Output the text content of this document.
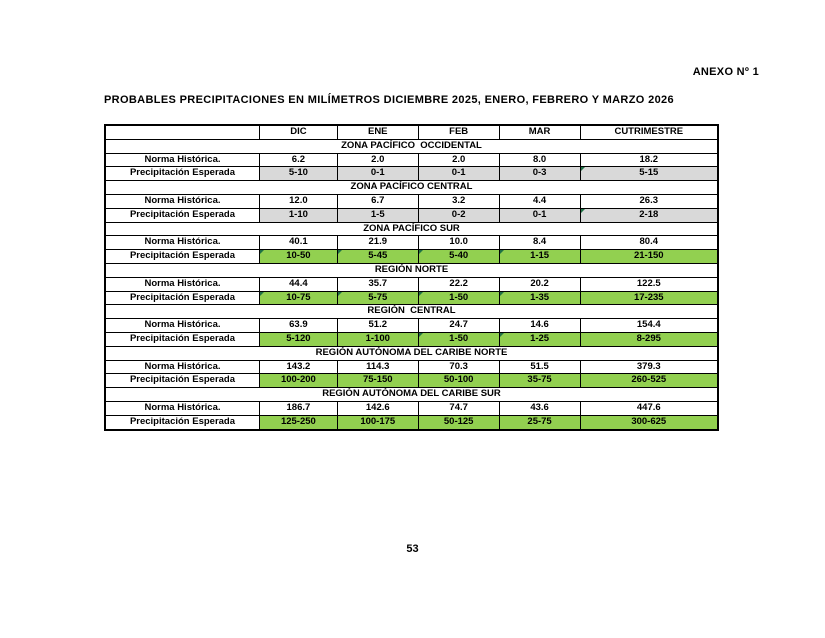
ANEXO Nº 1
PROBABLES PRECIPITACIONES EN MILÍMETROS DICIEMBRE 2025, ENERO, FEBRERO Y MARZO 2026
	DIC	ENE	FEB	MAR	CUTRIMESTRE
ZONA PACÍFICO  OCCIDENTAL					
Norma Histórica.	6.2	2.0	2.0	8.0	18.2
Precipitación Esperada	5-10	0-1	0-1	0-3	5-15

ZONA PACÍFICO CENTRAL					
Norma Histórica.	12.0	6.7	3.2	4.4	26.3
Precipitación Esperada	1-10	1-5	0-2	0-1	2-18

ZONA PACÍFICO SUR					
Norma Histórica.	40.1	21.9	10.0	8.4	80.4
Precipitación Esperada	10-50	5-45	5-40	1-15	21-150
REGIÓN NORTE					
Norma Histórica.	44.4	35.7	22.2	20.2	122.5
Precipitación Esperada	10-75	5-75	1-50	1-35	17-235
REGIÓN  CENTRAL					
Norma Histórica.	63.9	51.2	24.7	14.6	154.4
Precipitación Esperada	5-120	1-100	1-50	1-25	8-295
REGIÓN AUTÓNOMA DEL CARIBE NORTE					
Norma Histórica.	143.2	114.3	70.3	51.5	379.3
Precipitación Esperada	100-200	75-150	50-100	35-75	260-525
REGIÓN AUTÓNOMA DEL CARIBE SUR					
Norma Histórica.	186.7	142.6	74.7	43.6	447.6
Precipitación Esperada	125-250	100-175	50-125	25-75	300-625
53
